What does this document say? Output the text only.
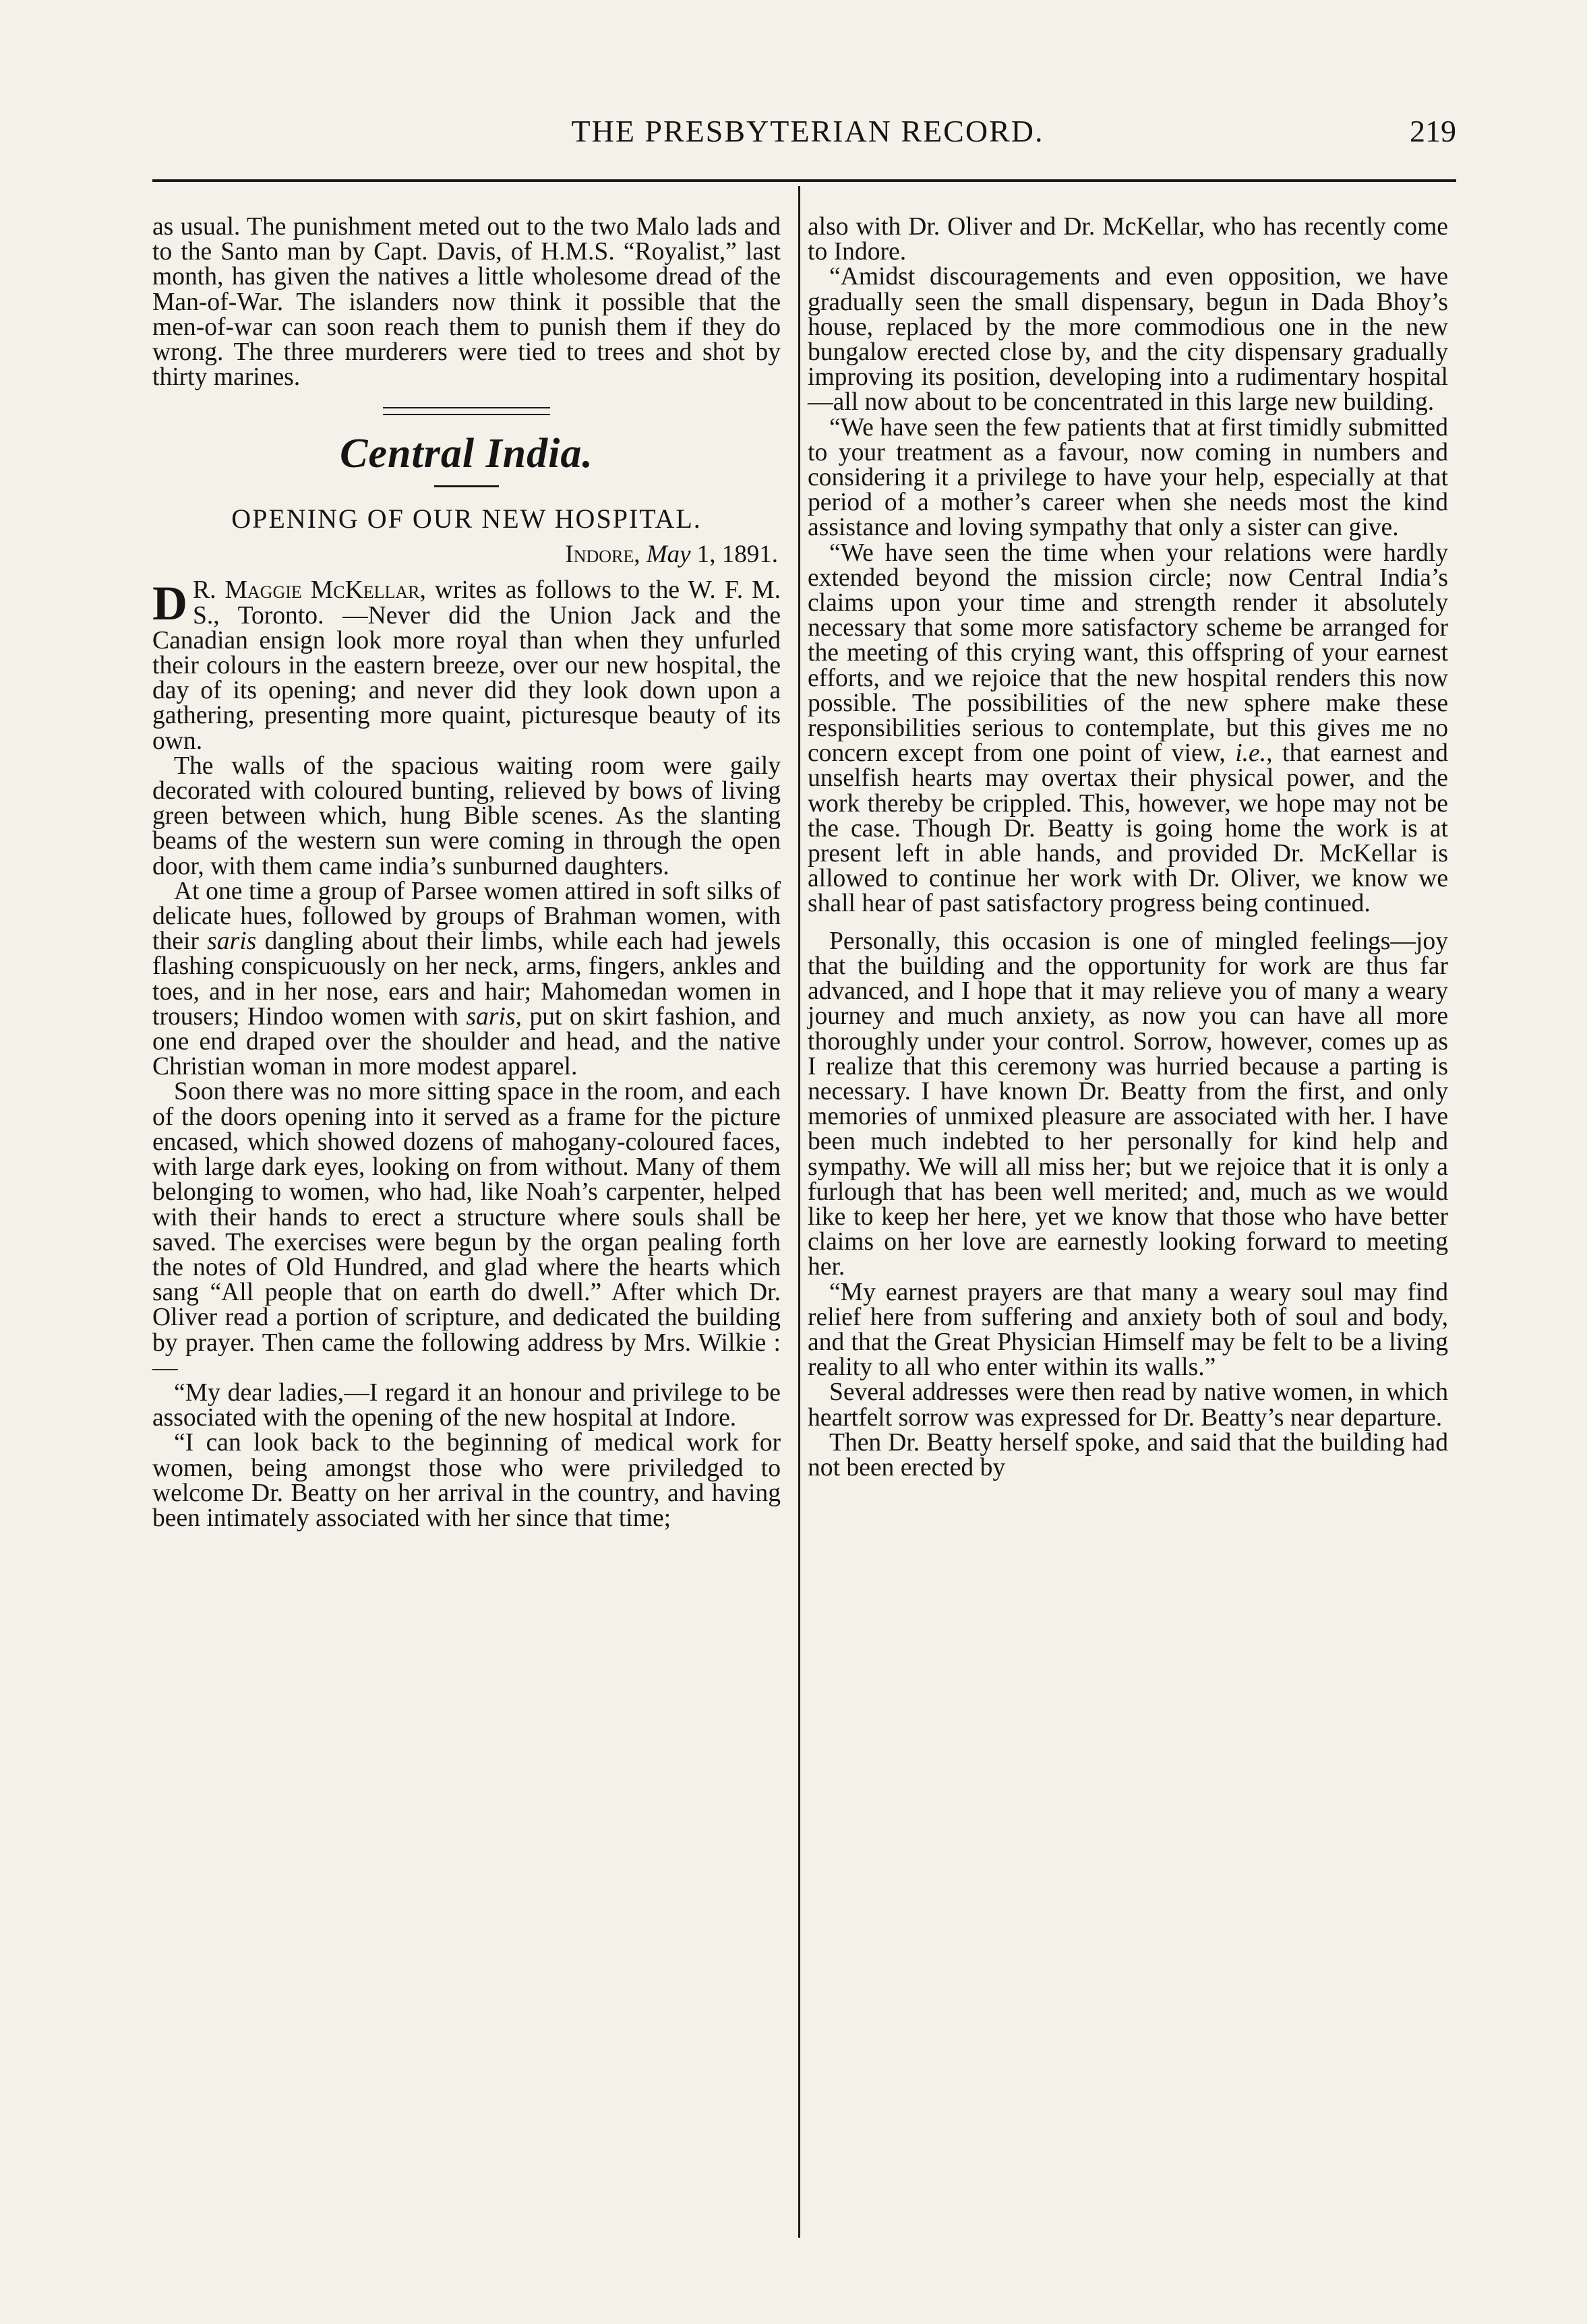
THE PRESBYTERIAN RECORD.	219

as usual. The punishment meted out to the two Malo lads and to the Santo man by Capt. Davis, of H.M.S. “Royalist,” last month, has given the natives a little wholesome dread of the Man-of-War. The islanders now think it possible that the men-of-war can soon reach them to punish them if they do wrong. The three murderers were tied to trees and shot by thirty marines.

Central India.
OPENING OF OUR NEW HOSPITAL.
Indore, May 1, 1891.

D R. Maggie McKellar, writes as follows to the W. F. M. S., Toronto. —Never did the Union Jack and the Canadian ensign look more royal than when they unfurled their colours in the eastern breeze, over our new hospital, the day of its opening; and never did they look down upon a gathering, presenting more quaint, picturesque beauty of its own.

The walls of the spacious waiting room were gaily decorated with coloured bunting, relieved by bows of living green between which, hung Bible scenes. As the slanting beams of the western sun were coming in through the open door, with them came india’s sunburned daughters.

At one time a group of Parsee women attired in soft silks of delicate hues, followed by groups of Brahman women, with their saris dangling about their limbs, while each had jewels flashing conspicuously on her neck, arms, fingers, ankles and toes, and in her nose, ears and hair; Mahomedan women in trousers; Hindoo women with saris, put on skirt fashion, and one end draped over the shoulder and head, and the native Christian woman in more modest apparel.

Soon there was no more sitting space in the room, and each of the doors opening into it served as a frame for the picture encased, which showed dozens of mahogany-coloured faces, with large dark eyes, looking on from without. Many of them belonging to women, who had, like Noah’s carpenter, helped with their hands to erect a structure where souls shall be saved. The exercises were begun by the organ pealing forth the notes of Old Hundred, and glad where the hearts which sang “All people that on earth do dwell.” After which Dr. Oliver read a portion of scripture, and dedicated the building by prayer. Then came the following address by Mrs. Wilkie :—

“My dear ladies,—I regard it an honour and privilege to be associated with the opening of the new hospital at Indore.

“I can look back to the beginning of medical work for women, being amongst those who were priviledged to welcome Dr. Beatty on her arrival in the country, and having been intimately associated with her since that time;

also with Dr. Oliver and Dr. McKellar, who has recently come to Indore.

“Amidst discouragements and even opposition, we have gradually seen the small dispensary, begun in Dada Bhoy’s house, replaced by the more commodious one in the new bungalow erected close by, and the city dispensary gradually improving its position, developing into a rudimentary hospital—all now about to be concentrated in this large new building.

“We have seen the few patients that at first timidly submitted to your treatment as a favour, now coming in numbers and considering it a privilege to have your help, especially at that period of a mother’s career when she needs most the kind assistance and loving sympathy that only a sister can give.

“We have seen the time when your relations were hardly extended beyond the mission circle; now Central India’s claims upon your time and strength render it absolutely necessary that some more satisfactory scheme be arranged for the meeting of this crying want, this offspring of your earnest efforts, and we rejoice that the new hospital renders this now possible. The possibilities of the new sphere make these responsibilities serious to contemplate, but this gives me no concern except from one point of view, i.e., that earnest and unselfish hearts may overtax their physical power, and the work thereby be crippled. This, however, we hope may not be the case. Though Dr. Beatty is going home the work is at present left in able hands, and provided Dr. McKellar is allowed to continue her work with Dr. Oliver, we know we shall hear of past satisfactory progress being continued.

Personally, this occasion is one of mingled feelings—joy that the building and the opportunity for work are thus far advanced, and I hope that it may relieve you of many a weary journey and much anxiety, as now you can have all more thoroughly under your control. Sorrow, however, comes up as I realize that this ceremony was hurried because a parting is necessary. I have known Dr. Beatty from the first, and only memories of unmixed pleasure are associated with her. I have been much indebted to her personally for kind help and sympathy. We will all miss her; but we rejoice that it is only a furlough that has been well merited; and, much as we would like to keep her here, yet we know that those who have better claims on her love are earnestly looking forward to meeting her.

“My earnest prayers are that many a weary soul may find relief here from suffering and anxiety both of soul and body, and that the Great Physician Himself may be felt to be a living reality to all who enter within its walls.”

Several addresses were then read by native women, in which heartfelt sorrow was expressed for Dr. Beatty’s near departure.

Then Dr. Beatty herself spoke, and said that the building had not been erected by
